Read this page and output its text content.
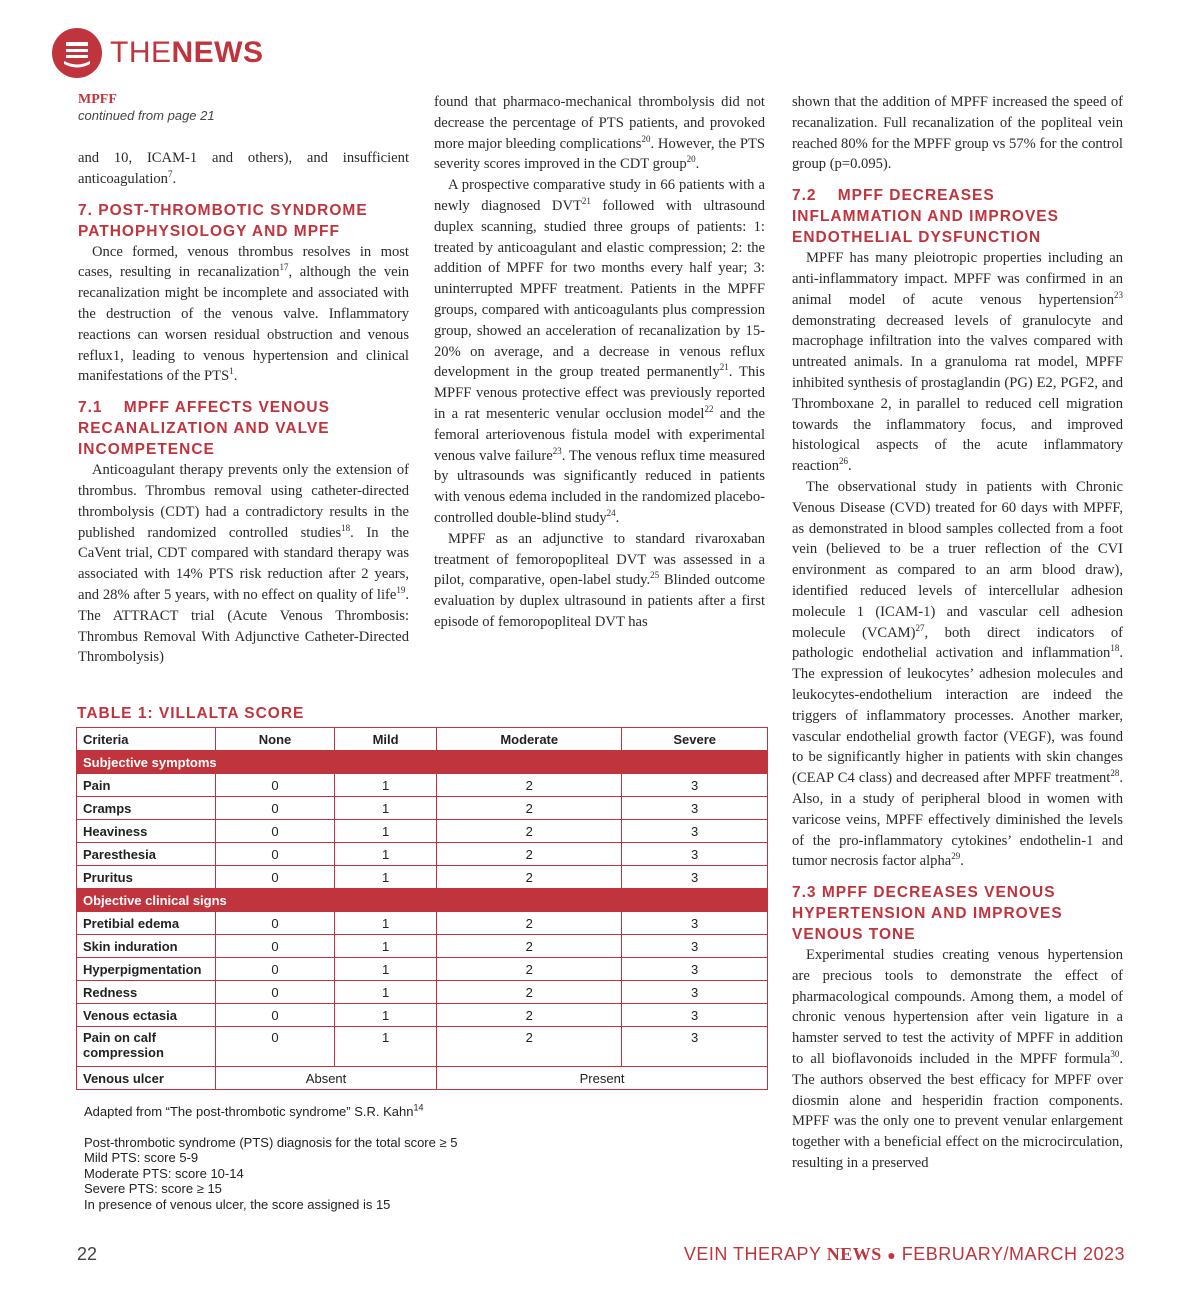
THENEWS
MPFF
continued from page 21

and 10, ICAM-1 and others), and insufficient anticoagulation$^7$.

7. POST-THROMBOTIC SYNDROME PATHOPHYSIOLOGY AND MPFF

Once formed, venous thrombus resolves in most cases, resulting in recanalization$^{17}$, although the vein recanalization might be incomplete and associated with the destruction of the venous valve. Inflammatory reactions can worsen residual obstruction and venous reflux1, leading to venous hypertension and clinical manifestations of the PTS$^1$.

7.1    MPFF AFFECTS VENOUS RECANALIZATION AND VALVE INCOMPETENCE

Anticoagulant therapy prevents only the extension of thrombus. Thrombus removal using catheter-directed thrombolysis (CDT) had a contradictory results in the published randomized controlled studies$^{18}$. In the CaVent trial, CDT compared with standard therapy was associated with 14% PTS risk reduction after 2 years, and 28% after 5 years, with no effect on quality of life$^{19}$. The ATTRACT trial (Acute Venous Thrombosis: Thrombus Removal With Adjunctive Catheter-Directed Thrombolysis)

found that pharmaco-mechanical thrombolysis did not decrease the percentage of PTS patients, and provoked more major bleeding complications$^{20}$. However, the PTS severity scores improved in the CDT group$^{20}$.

A prospective comparative study in 66 patients with a newly diagnosed DVT$^{21}$ followed with ultrasound duplex scanning, studied three groups of patients: 1: treated by anticoagulant and elastic compression; 2: the addition of MPFF for two months every half year; 3: uninterrupted MPFF treatment. Patients in the MPFF groups, compared with anticoagulants plus compression group, showed an acceleration of recanalization by 15-20% on average, and a decrease in venous reflux development in the group treated permanently$^{21}$. This MPFF venous protective effect was previously reported in a rat mesenteric venular occlusion model$^{22}$ and the femoral arteriovenous fistula model with experimental venous valve failure$^{23}$. The venous reflux time measured by ultrasounds was significantly reduced in patients with venous edema included in the randomized placebo-controlled double-blind study$^{24}$.

MPFF as an adjunctive to standard rivaroxaban treatment of femoropopliteal DVT was assessed in a pilot, comparative, open-label study.$^{25}$ Blinded outcome evaluation by duplex ultrasound in patients after a first episode of femoropopliteal DVT has

shown that the addition of MPFF increased the speed of recanalization. Full recanalization of the popliteal vein reached 80% for the MPFF group vs 57% for the control group (p=0.095).

7.2    MPFF DECREASES INFLAMMATION AND IMPROVES ENDOTHELIAL DYSFUNCTION

MPFF has many pleiotropic properties including an anti-inflammatory impact. MPFF was confirmed in an animal model of acute venous hypertension$^{23}$ demonstrating decreased levels of granulocyte and macrophage infiltration into the valves compared with untreated animals. In a granuloma rat model, MPFF inhibited synthesis of prostaglandin (PG) E2, PGF2, and Thromboxane 2, in parallel to reduced cell migration towards the inflammatory focus, and improved histological aspects of the acute inflammatory reaction$^{26}$.

The observational study in patients with Chronic Venous Disease (CVD) treated for 60 days with MPFF, as demonstrated in blood samples collected from a foot vein (believed to be a truer reflection of the CVI environment as compared to an arm blood draw), identified reduced levels of intercellular adhesion molecule 1 (ICAM-1) and vascular cell adhesion molecule (VCAM)$^{27}$, both direct indicators of pathologic endothelial activation and inflammation$^{18}$. The expression of leukocytes’ adhesion molecules and leukocytes-endothelium interaction are indeed the triggers of inflammatory processes. Another marker, vascular endothelial growth factor (VEGF), was found to be significantly higher in patients with skin changes (CEAP C4 class) and decreased after MPFF treatment$^{28}$. Also, in a study of peripheral blood in women with varicose veins, MPFF effectively diminished the levels of the pro-inflammatory cytokines’ endothelin-1 and tumor necrosis factor alpha$^{29}$.

7.3 MPFF DECREASES VENOUS HYPERTENSION AND IMPROVES VENOUS TONE

Experimental studies creating venous hypertension are precious tools to demonstrate the effect of pharmacological compounds. Among them, a model of chronic venous hypertension after vein ligature in a hamster served to test the activity of MPFF in addition to all bioflavonoids included in the MPFF formula$^{30}$. The authors observed the best efficacy for MPFF over diosmin alone and hesperidin fraction components. MPFF was the only one to prevent venular enlargement together with a beneficial effect on the microcirculation, resulting in a preserved

TABLE 1: VILLALTA SCORE
Criteria	None	Mild	Moderate	Severe
Subjective symptoms				
Pain	0	1	2	3
Cramps	0	1	2	3
Heaviness	0	1	2	3
Paresthesia	0	1	2	3
Pruritus	0	1	2	3
Objective clinical signs				
Pretibial edema	0	1	2	3
Skin induration	0	1	2	3
Hyperpigmentation	0	1	2	3
Redness	0	1	2	3
Venous ectasia	0	1	2	3
Pain on calf compression	0	1	2	3
Venous ulcer	Absent		Present	

Adapted from “The post-thrombotic syndrome” S.R. Kahn$^{14}$

Post-thrombotic syndrome (PTS) diagnosis for the total score ≥ 5

Mild PTS: score 5-9

Moderate PTS: score 10-14

Severe PTS: score ≥ 15

In presence of venous ulcer, the score assigned is 15

22	VEIN THERAPY NEWS ● FEBRUARY/MARCH 2023
